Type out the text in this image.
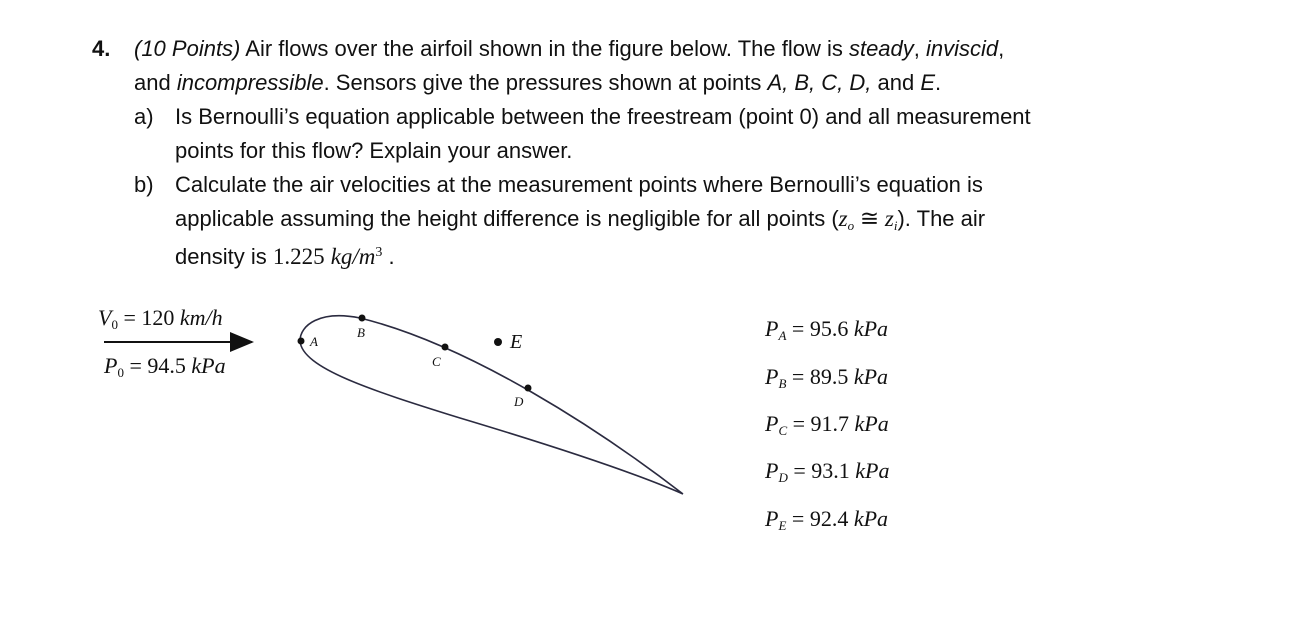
4. (10 Points) Air flows over the airfoil shown in the figure below. The flow is steady, inviscid,
and incompressible. Sensors give the pressures shown at points A, B, C, D, and E.
a) Is Bernoulli’s equation applicable between the freestream (point 0) and all measurement
points for this flow? Explain your answer.
b) Calculate the air velocities at the measurement points where Bernoulli’s equation is
applicable assuming the height difference is negligible for all points ($z_o$ ≅ $z_i$). The air
density is 1.225 $kg/m^3$ .
$V_0 = 120$ km/h
$P_0 = 94.5$ kPa
A
B
C
D
E
$P_A = 95.6$ kPa
$P_B = 89.5$ kPa
$P_C = 91.7$ kPa
$P_D = 93.1$ kPa
$P_E = 92.4$ kPa
